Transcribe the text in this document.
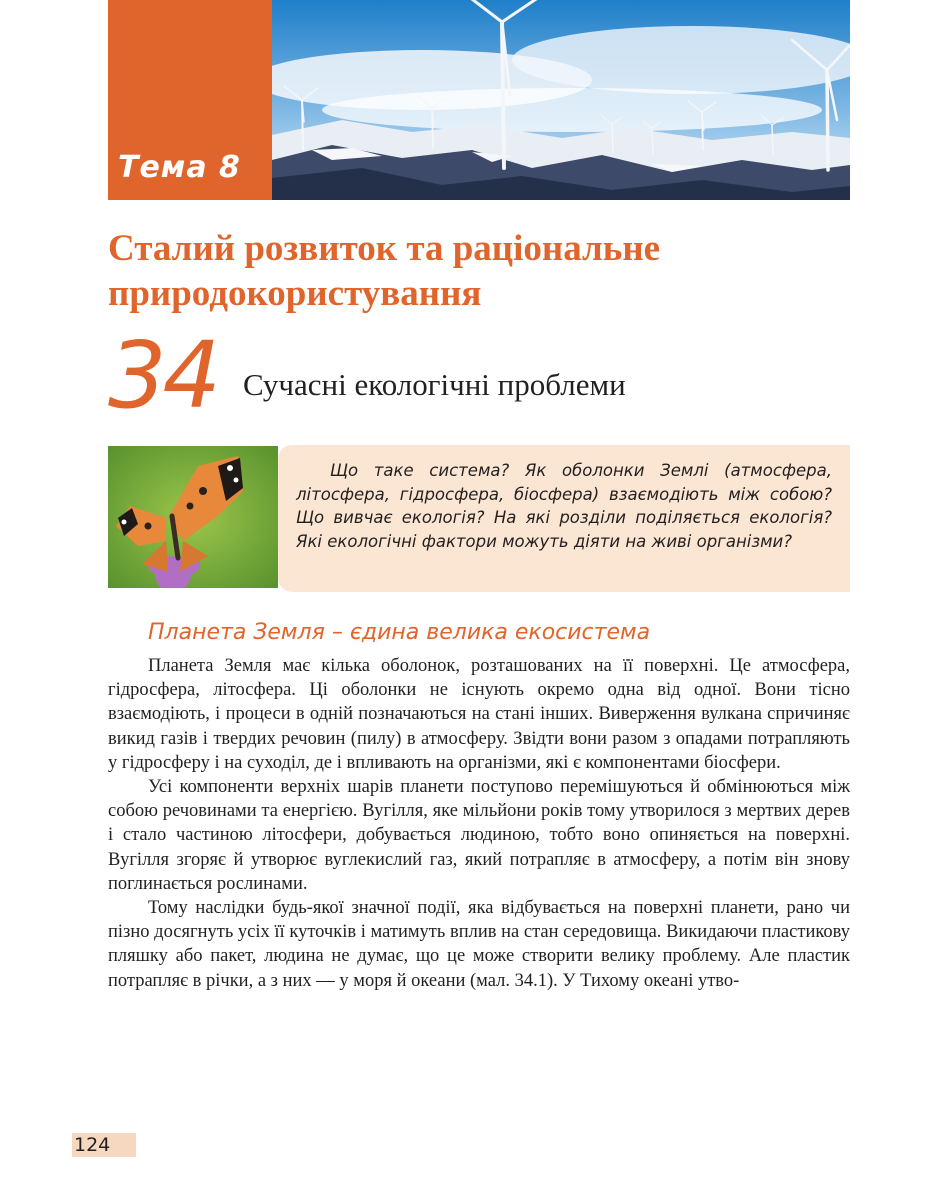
Тема 8
Сталий розвиток та раціональне природокористування
34 Сучасні екологічні проблеми

Що таке система? Як оболонки Землі (атмосфера, літосфера, гідросфера, біосфера) взаємодіють між собою? Що вивчає екологія? На які розділи поділяється екологія? Які екологічні фактори можуть діяти на живі організми?

Планета Земля – єдина велика екосистема

Планета Земля має кілька оболонок, розташованих на її поверхні. Це атмосфера, гідросфера, літосфера. Ці оболонки не існують окремо одна від одної. Вони тісно взаємодіють, і процеси в одній позначаються на стані інших. Виверження вулкана спричиняє викид газів і твердих речовин (пилу) в атмосферу. Звідти вони разом з опадами потрапляють у гідросферу і на суходіл, де і впливають на організми, які є компонентами біосфери.

Усі компоненти верхніх шарів планети поступово перемішуються й обмінюються між собою речовинами та енергією. Вугілля, яке мільйони років тому утворилося з мертвих дерев і стало частиною літосфери, добувається людиною, тобто воно опиняється на поверхні. Вугілля згоряє й утворює вуглекислий газ, який потрапляє в атмосферу, а потім він знову поглинається рослинами.

Тому наслідки будь-якої значної події, яка відбувається на поверхні планети, рано чи пізно досягнуть усіх її куточків і матимуть вплив на стан середовища. Викидаючи пластикову пляшку або пакет, людина не думає, що це може створити велику проблему. Але пластик потрапляє в річки, а з них — у моря й океани (мал. 34.1). У Тихому океані утво-

124
